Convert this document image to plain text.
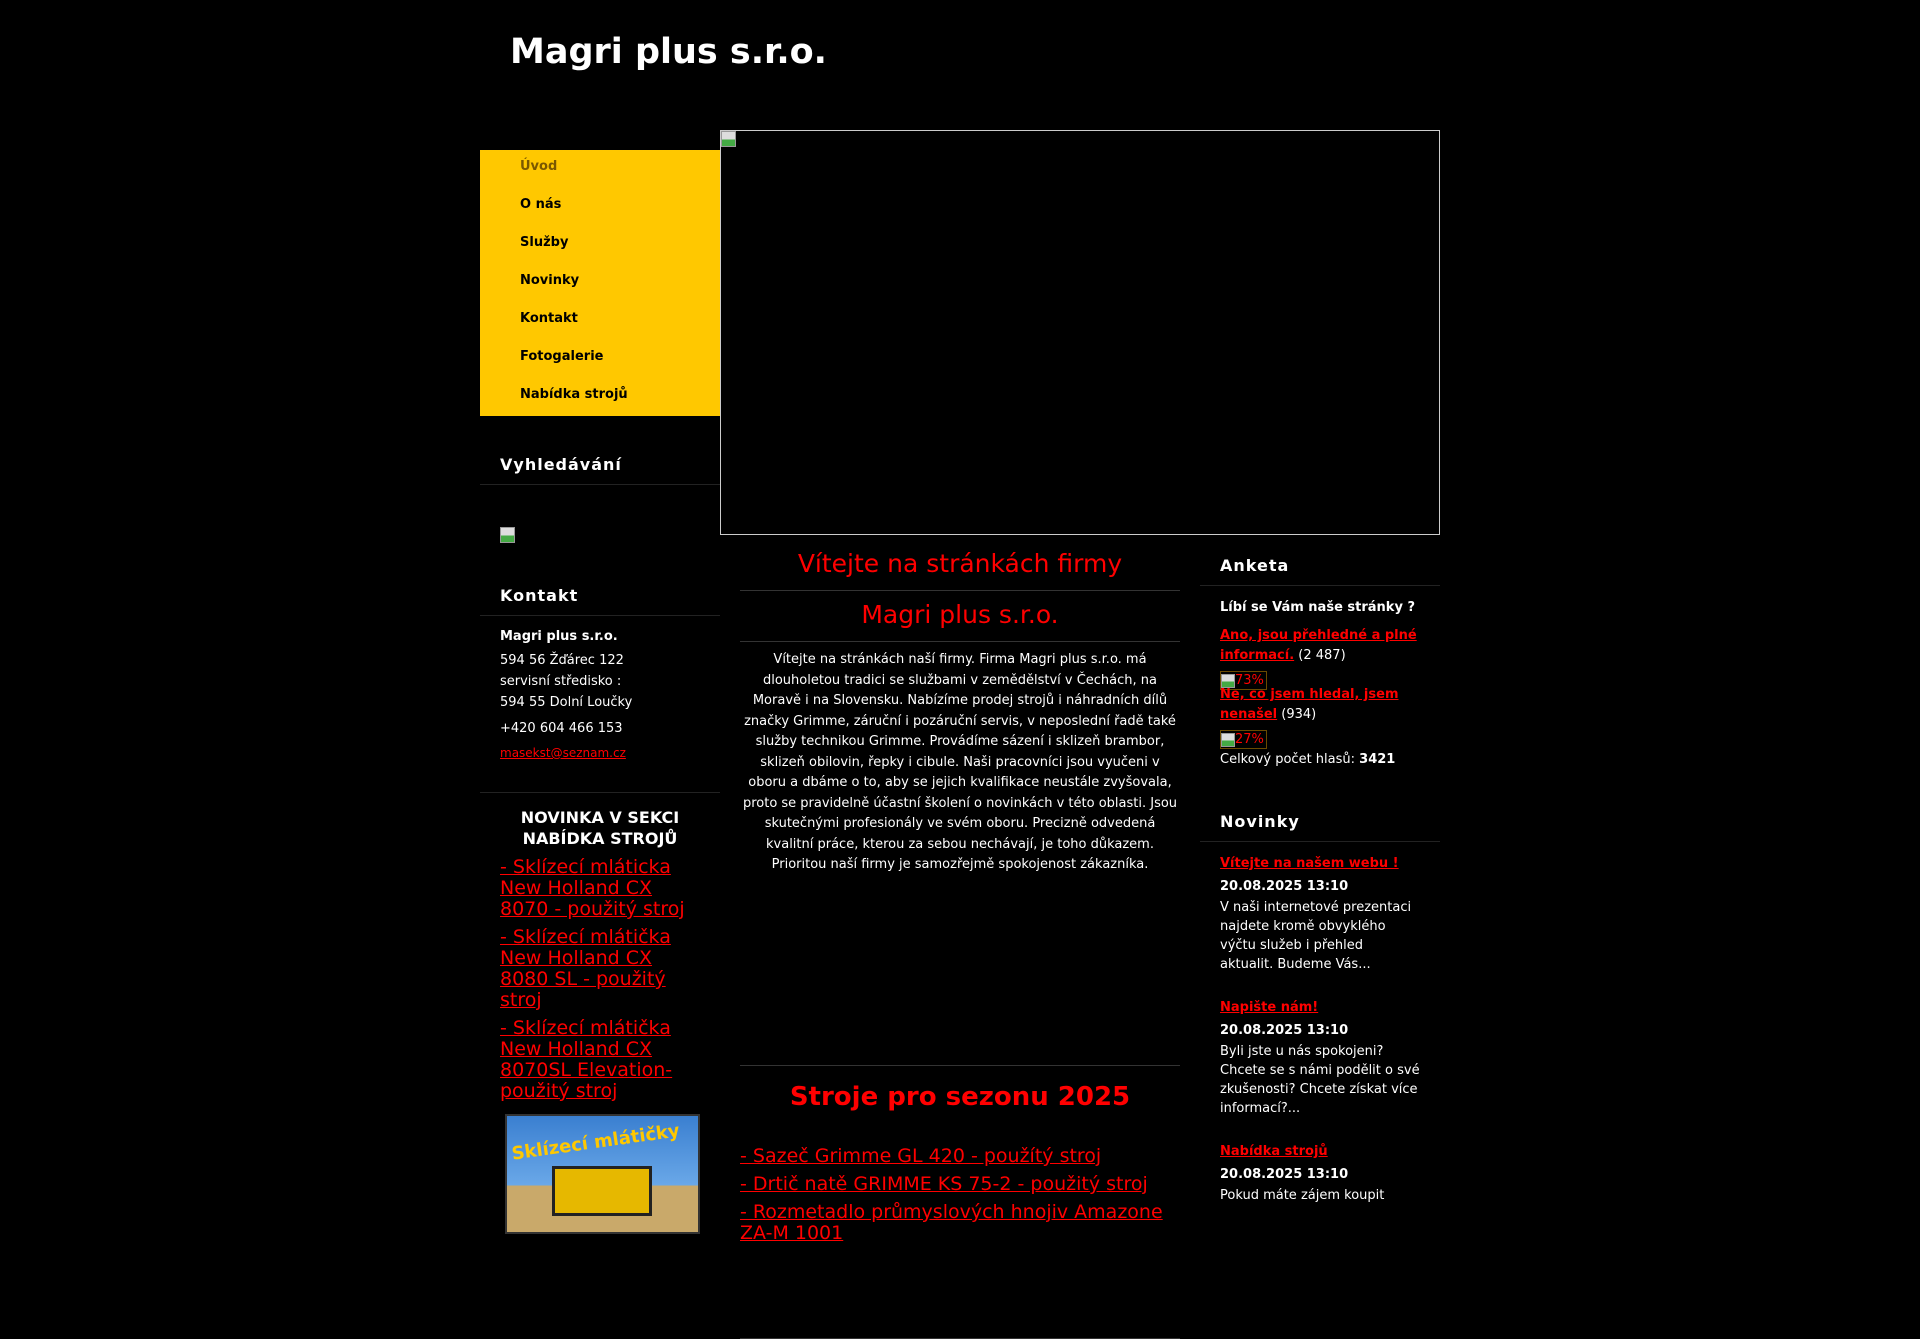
Magri plus s.r.o.
Úvod
O nás
Služby
Novinky
Kontakt
Fotogalerie
Nabídka strojů
Vyhledávání
Kontakt

Magri plus s.r.o.

594 56 Žďárec 122

servisní středisko :

594 55 Dolní Loučky

+420 604 466 153

masekst@seznam.cz

NOVINKA V SEKCI NABÍDKA STROJŮ
- Sklízecí mláticka New Holland CX 8070 - použitý stroj
- Sklízecí mlátička New Holland CX 8080 SL - použitý stroj
- Sklízecí mlátička New Holland CX 8070SL Elevation- použitý stroj
Sklízecí mlátičky
Vítejte na stránkách firmy
Magri plus s.r.o.
Vítejte na stránkách naší firmy. Firma Magri plus s.r.o. má dlouholetou tradici se službami v zemědělství v Čechách, na Moravě i na Slovensku. Nabízíme prodej strojů i náhradních dílů značky Grimme, záruční i pozáruční servis, v neposlední řadě také služby technikou Grimme. Provádíme sázení i sklizeň brambor, sklizeň obilovin, řepky i cibule. Naši pracovníci jsou vyučeni v oboru a dbáme o to, aby se jejich kvalifikace neustále zvyšovala, proto se pravidelně účastní školení o novinkách v této oblasti. Jsou skutečnými profesionály ve svém oboru. Precizně odvedená kvalitní práce, kterou za sebou nechávají, je toho důkazem. Prioritou naší firmy je samozřejmě spokojenost zákazníka.
Stroje pro sezonu 2025
- Sazeč Grimme GL 420 - použítý stroj
- Drtič natě GRIMME KS 75-2 - použitý stroj
- Rozmetadlo průmyslových hnojiv Amazone ZA-M 1001
Anketa
Líbí se Vám naše stránky ?
Ano, jsou přehledné a plné informací. (2 487)
73%
Ne, co jsem hledal, jsem nenašel (934)
27%
Celkový počet hlasů: 3421
Novinky
Vítejte na našem webu !
20.08.2025 13:10
V naši internetové prezentaci najdete kromě obvyklého výčtu služeb i přehled aktualit. Budeme Vás...
Napište nám!
20.08.2025 13:10
Byli jste u nás spokojeni? Chcete se s námi podělit o své zkušenosti? Chcete získat více informací?...
Nabídka strojů
20.08.2025 13:10
Pokud máte zájem koupit
